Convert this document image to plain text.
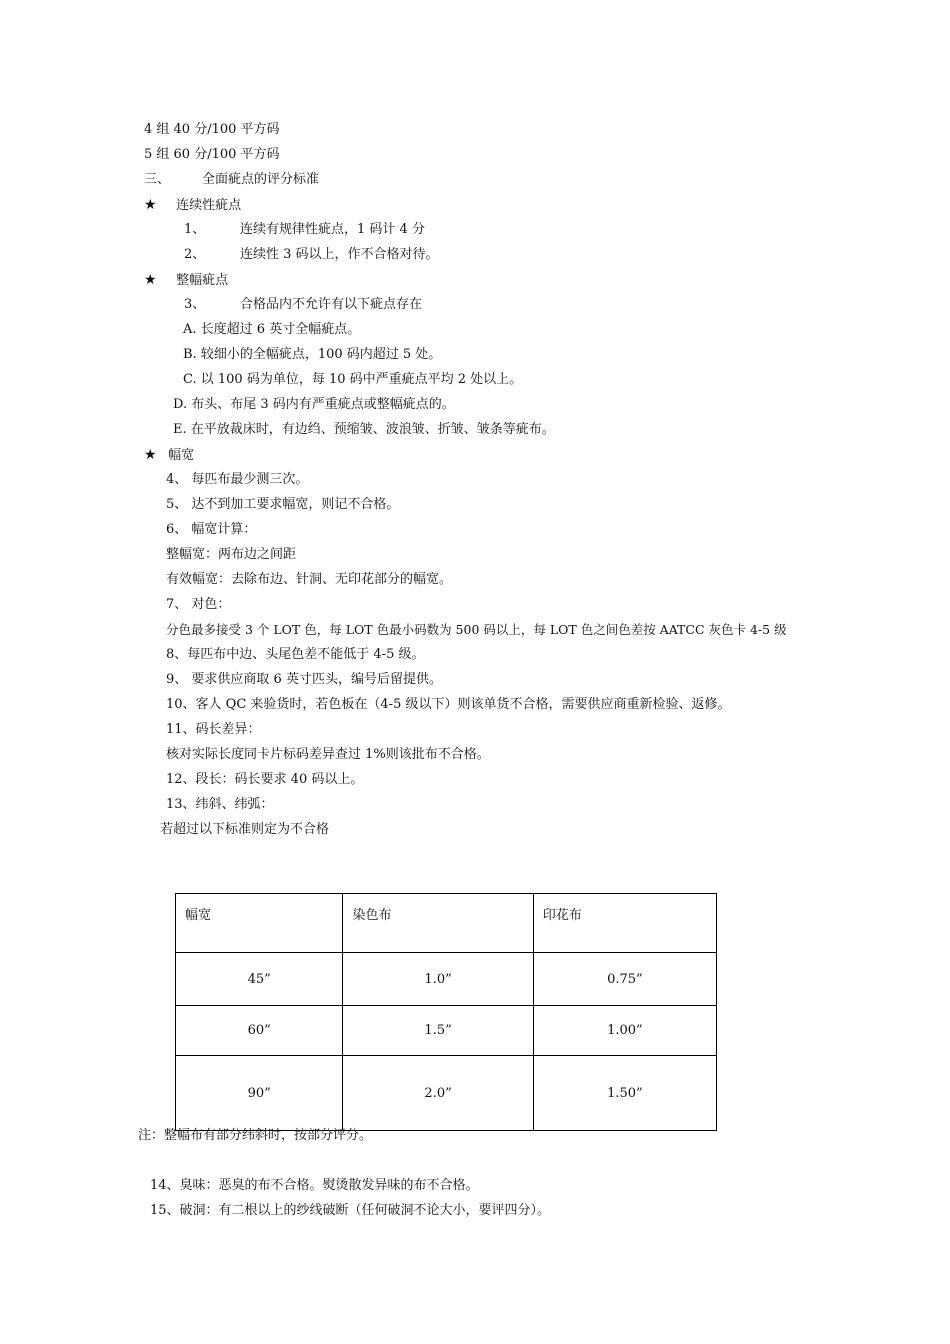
4 组 40 分/100 平方码
5 组 60 分/100 平方码
三、 全面疵点的评分标准
★ 连续性疵点
1、	连续有规律性疵点，1 码计 4 分
2、	连续性 3 码以上，作不合格对待。
★ 整幅疵点
3、	合格品内不允许有以下疵点存在
A. 长度超过 6 英寸全幅疵点。
B. 较细小的全幅疵点，100 码内超过 5 处。
C. 以 100 码为单位，每 10 码中严重疵点平均 2 处以上。
D. 布头、布尾 3 码内有严重疵点或整幅疵点的。
E. 在平放裁床时，有边绉、预缩皱、波浪皱、折皱、皱条等疵布。
★ 幅宽
4、 每匹布最少测三次。
5、 达不到加工要求幅宽，则记不合格。
6、 幅宽计算：
整幅宽：两布边之间距
有效幅宽：去除布边、针洞、无印花部分的幅宽。
7、 对色：
分色最多接受 3 个 LOT 色，每 LOT 色最小码数为 500 码以上，每 LOT 色之间色差按 AATCC 灰色卡 4-5 级
8、每匹布中边、头尾色差不能低于 4-5 级。
9、 要求供应商取 6 英寸匹头，编号后留提供。
10、客人 QC 来验货时，若色板在（4-5 级以下）则该单货不合格，需要供应商重新检验、返修。
11、码长差异：
核对实际长度同卡片标码差异查过 1%则该批布不合格。
12、段长：码长要求 40 码以上。
13、纬斜、纬弧：
若超过以下标准则定为不合格
幅宽	染色布	印花布
45”	1.0”	0.75”
60”	1.5”	1.00”
90”	2.0”	1.50”
注：整幅布有部分纬斜时，按部分评分。
14、臭味：恶臭的布不合格。熨烫散发异味的布不合格。
15、破洞：有二根以上的纱线破断（任何破洞不论大小，要评四分）。
